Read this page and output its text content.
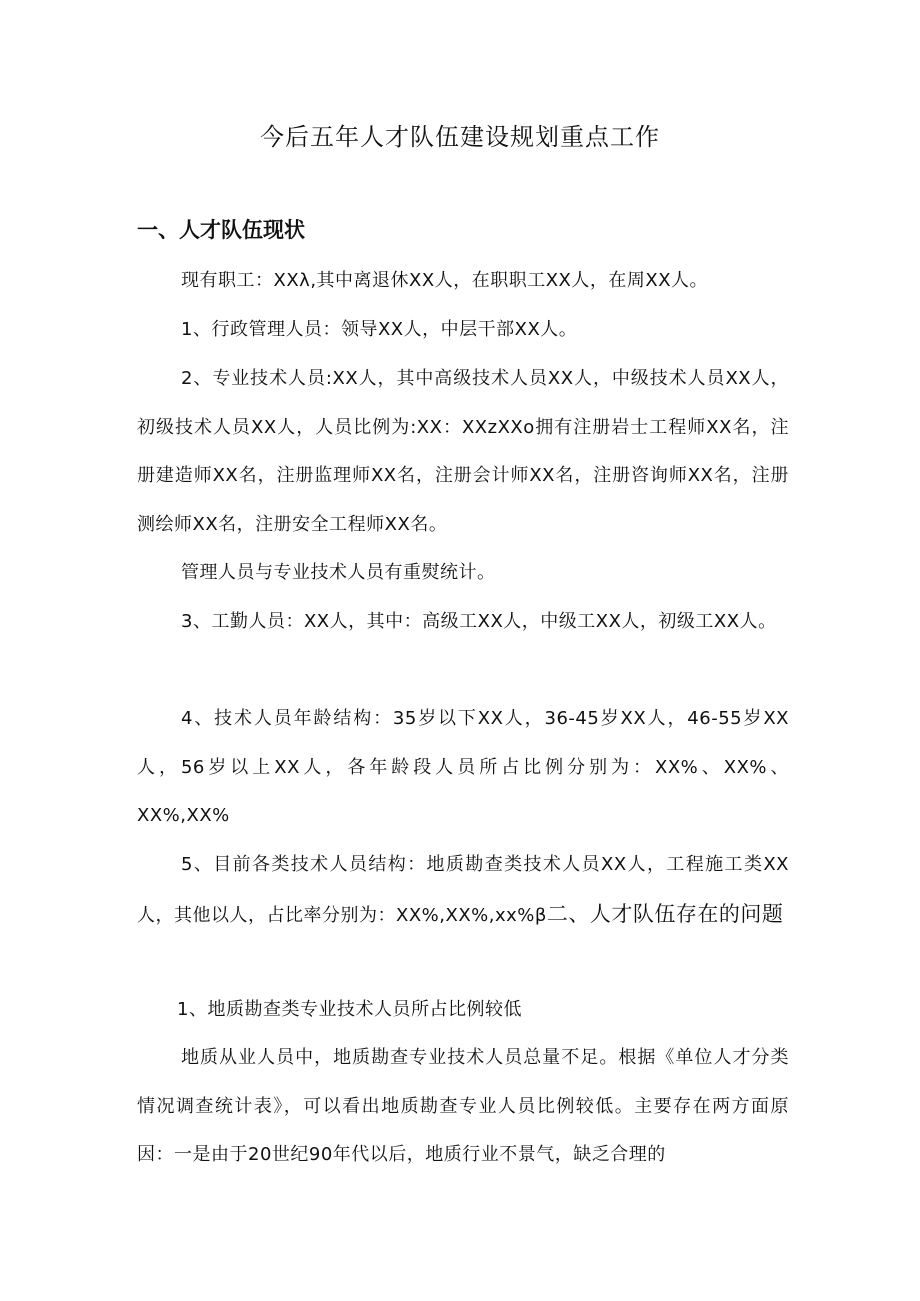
今后五年人才队伍建设规划重点工作
一、人才队伍现状

现有职工：XXλ,其中离退休XX人，在职职工XX人，在周XX人。

1、行政管理人员：领导XX人，中层干部XX人。

2、专业技术人员:XX人，其中高级技术人员XX人，中级技术人员XX人，初级技术人员XX人，人员比例为:XX：XXzXXo拥有注册岩士工程师XX名，注册建造师XX名，注册监理师XX名，注册会计师XX名，注册咨询师XX名，注册测绘师XX名，注册安全工程师XX名。

管理人员与专业技术人员有重熨统计。

3、工勤人员：XX人，其中：高级工XX人，中级工XX人，初级工XX人。

4、技术人员年龄结构：35岁以下XX人，36-45岁XX人，46-55岁XX人，56岁以上XX人，各年龄段人员所占比例分别为：XX%、XX%、XX%,XX%

5、目前各类技术人员结构：地质勘查类技术人员XX人，工程施工类XX人，其他以人，占比率分别为：XX%,XX%,xx%β二、人才队伍存在的问题

1、地质勘查类专业技术人员所占比例较低

地质从业人员中，地质勘查专业技术人员总量不足。根据《单位人才分类情况调查统计表》，可以看出地质勘查专业人员比例较低。主要存在两方面原因：一是由于20世纪90年代以后，地质行业不景气，缺乏合理的
